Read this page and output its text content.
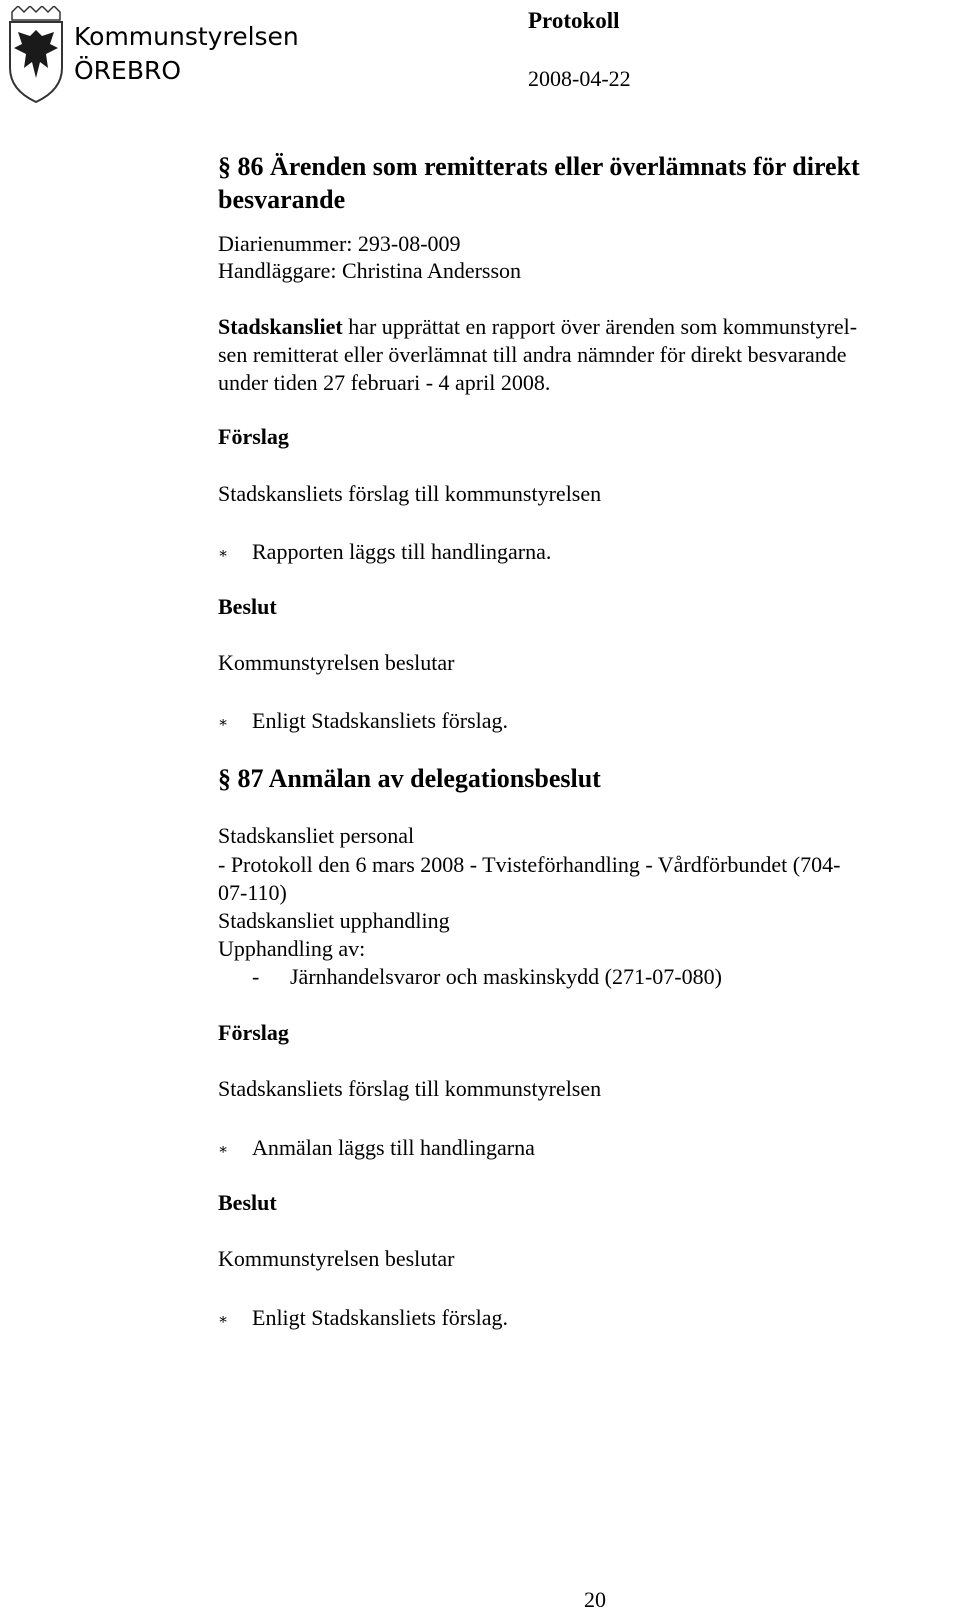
Kommunstyrelsen
ÖREBRO
Protokoll
2008-04-22
§ 86 Ärenden som remitterats eller överlämnats för direkt
besvarande
Diarienummer: 293-08-009
Handläggare: Christina Andersson
Stadskansliet har upprättat en rapport över ärenden som kommunstyrel-
sen remitterat eller överlämnat till andra nämnder för direkt besvarande
under tiden 27 februari - 4 april 2008.
Förslag
Stadskansliets förslag till kommunstyrelsen
∗ Rapporten läggs till handlingarna.
Beslut
Kommunstyrelsen beslutar
∗ Enligt Stadskansliets förslag.
§ 87 Anmälan av delegationsbeslut
Stadskansliet personal
- Protokoll den 6 mars 2008 - Tvisteförhandling - Vårdförbundet (704-
07-110)
Stadskansliet upphandling
Upphandling av:
- Järnhandelsvaror och maskinskydd (271-07-080)
Förslag
Stadskansliets förslag till kommunstyrelsen
∗ Anmälan läggs till handlingarna
Beslut
Kommunstyrelsen beslutar
∗ Enligt Stadskansliets förslag.
20
